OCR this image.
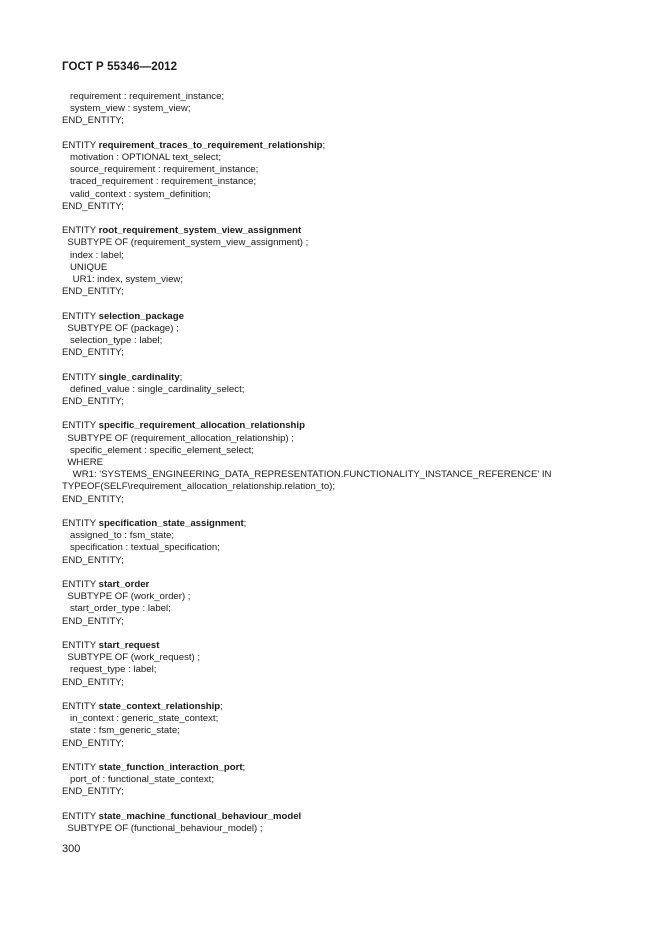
ГОСТ Р 55346—2012
requirement : requirement_instance;
system_view : system_view;
END_ENTITY;
ENTITY requirement_traces_to_requirement_relationship;
motivation : OPTIONAL text_select;
source_requirement : requirement_instance;
traced_requirement : requirement_instance;
valid_context : system_definition;
END_ENTITY;
ENTITY root_requirement_system_view_assignment
SUBTYPE OF (requirement_system_view_assignment) ;
index : label;
UNIQUE
UR1: index, system_view;
END_ENTITY;
ENTITY selection_package
SUBTYPE OF (package) ;
selection_type : label;
END_ENTITY;
ENTITY single_cardinality;
defined_value : single_cardinality_select;
END_ENTITY;
ENTITY specific_requirement_allocation_relationship
SUBTYPE OF (requirement_allocation_relationship) ;
specific_element : specific_element_select;
WHERE
WR1: 'SYSTEMS_ENGINEERING_DATA_REPRESENTATION.FUNCTIONALITY_INSTANCE_REFERENCE' IN
TYPEOF(SELF\requirement_allocation_relationship.relation_to);
END_ENTITY;
ENTITY specification_state_assignment;
assigned_to : fsm_state;
specification : textual_specification;
END_ENTITY;
ENTITY start_order
SUBTYPE OF (work_order) ;
start_order_type : label;
END_ENTITY;
ENTITY start_request
SUBTYPE OF (work_request) ;
request_type : label;
END_ENTITY;
ENTITY state_context_relationship;
in_context : generic_state_context;
state : fsm_generic_state;
END_ENTITY;
ENTITY state_function_interaction_port;
port_of : functional_state_context;
END_ENTITY;
ENTITY state_machine_functional_behaviour_model
SUBTYPE OF (functional_behaviour_model) ;
300
